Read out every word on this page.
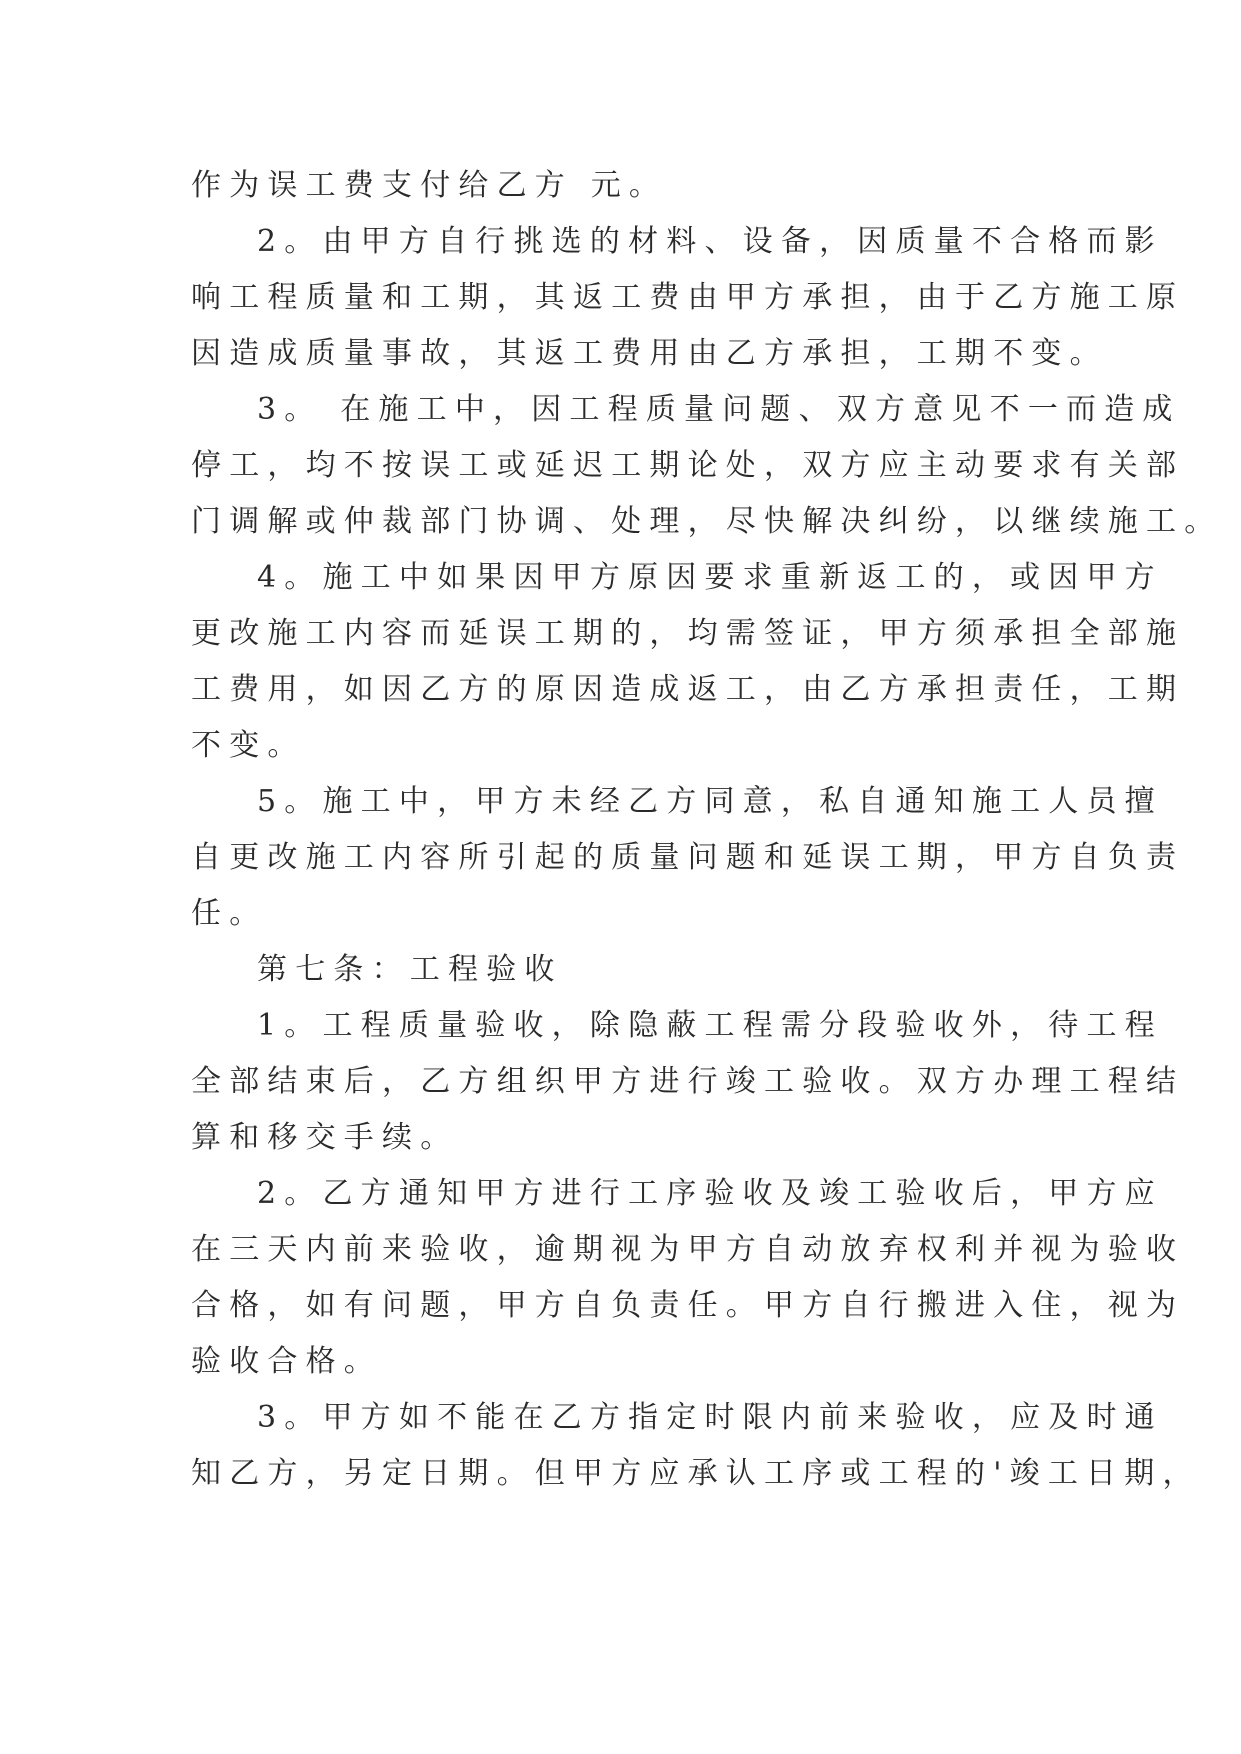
作为误工费支付给乙方 元。

2。由甲方自行挑选的材料、设备，因质量不合格而影

响工程质量和工期，其返工费由甲方承担，由于乙方施工原

因造成质量事故，其返工费用由乙方承担，工期不变。

3。 在施工中，因工程质量问题、双方意见不一而造成

停工，均不按误工或延迟工期论处，双方应主动要求有关部

门调解或仲裁部门协调、处理，尽快解决纠纷，以继续施工。

4。施工中如果因甲方原因要求重新返工的，或因甲方

更改施工内容而延误工期的，均需签证，甲方须承担全部施

工费用，如因乙方的原因造成返工，由乙方承担责任，工期

不变。

5。施工中，甲方未经乙方同意，私自通知施工人员擅

自更改施工内容所引起的质量问题和延误工期，甲方自负责

任。

第七条：工程验收

1。工程质量验收，除隐蔽工程需分段验收外，待工程

全部结束后，乙方组织甲方进行竣工验收。双方办理工程结

算和移交手续。

2。乙方通知甲方进行工序验收及竣工验收后，甲方应

在三天内前来验收，逾期视为甲方自动放弃权利并视为验收

合格，如有问题，甲方自负责任。甲方自行搬进入住，视为

验收合格。

3。甲方如不能在乙方指定时限内前来验收，应及时通

知乙方，另定日期。但甲方应承认工序或工程的'竣工日期，
